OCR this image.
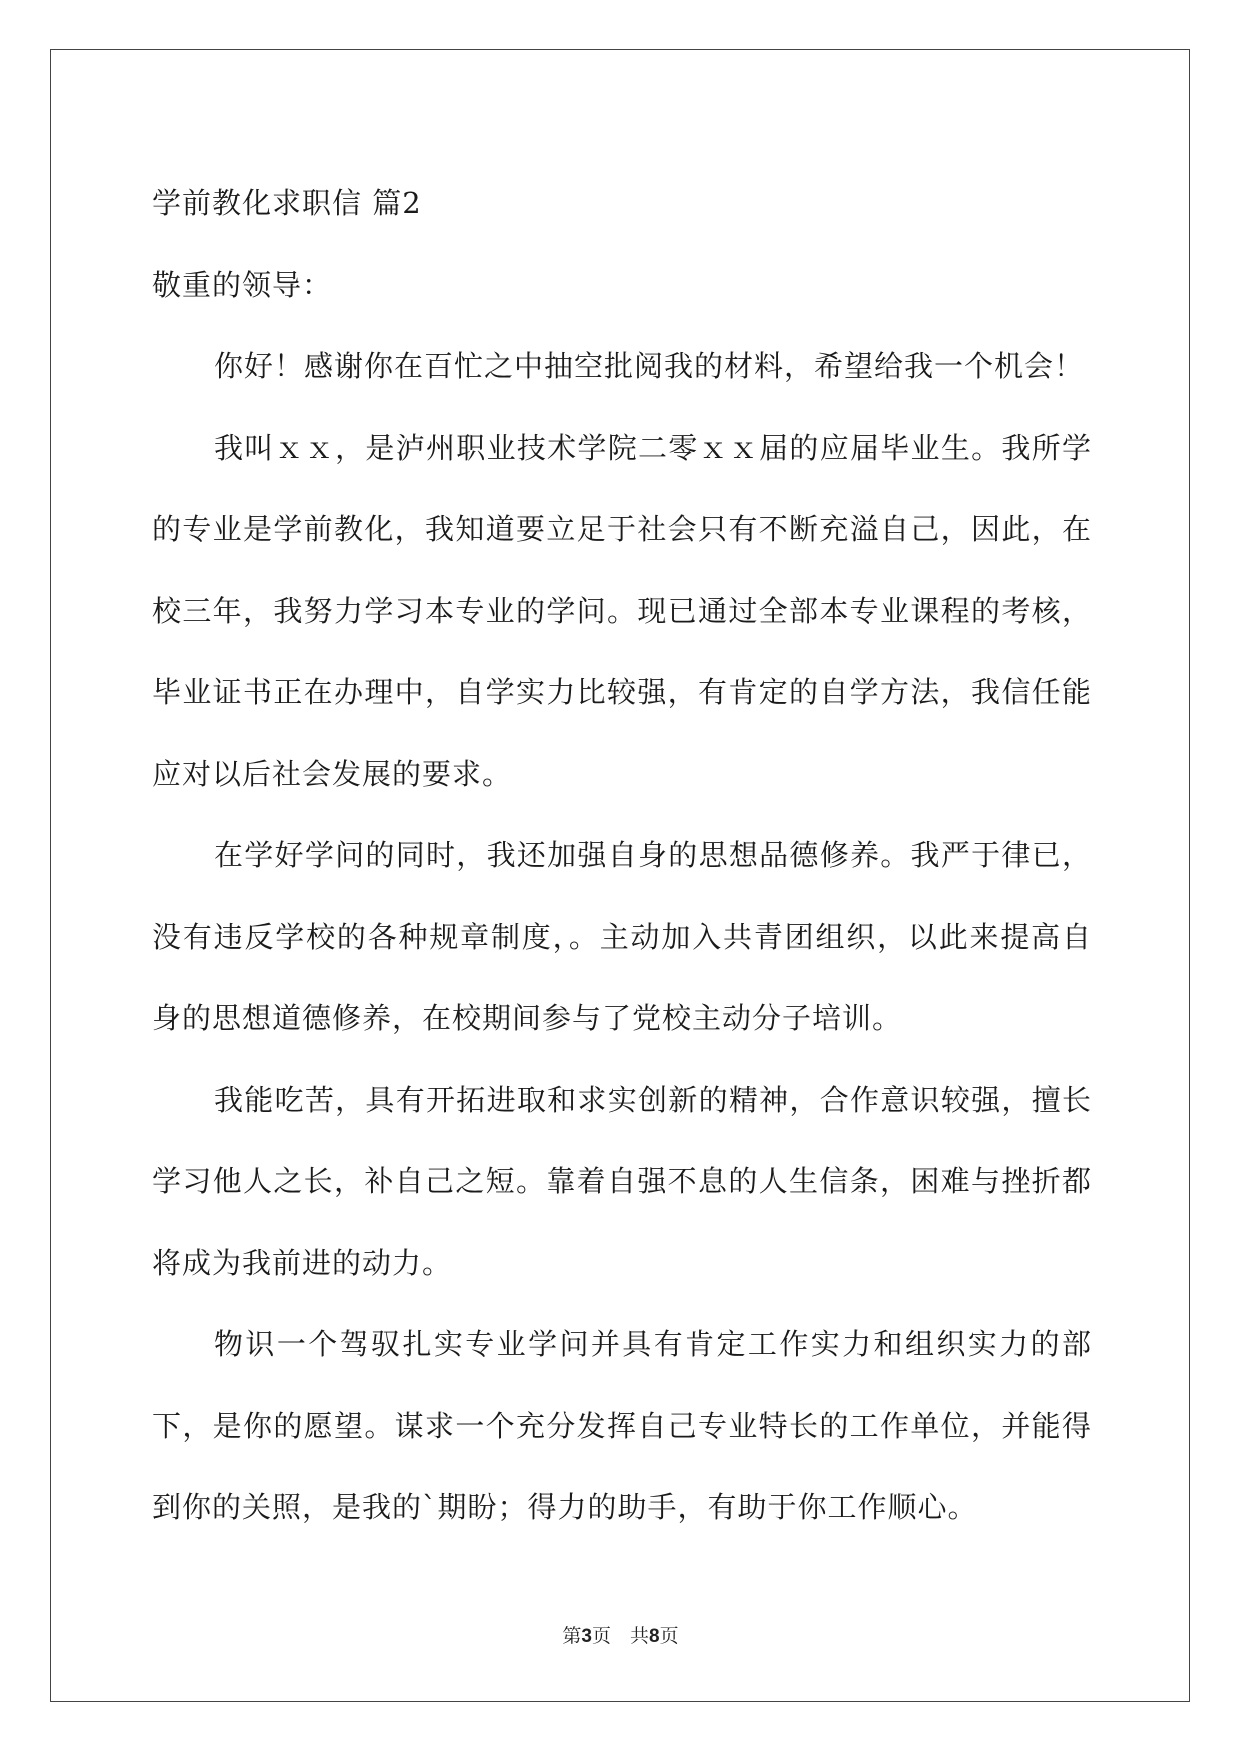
学前教化求职信 篇2

敬重的领导：

你好！感谢你在百忙之中抽空批阅我的材料，希望给我一个机会！

我叫ｘｘ，是泸州职业技术学院二零ｘｘ届的应届毕业生。我所学的专业是学前教化，我知道要立足于社会只有不断充溢自己，因此，在校三年，我努力学习本专业的学问。现已通过全部本专业课程的考核，毕业证书正在办理中，自学实力比较强，有肯定的自学方法，我信任能应对以后社会发展的要求。

在学好学问的同时，我还加强自身的思想品德修养。我严于律已，没有违反学校的各种规章制度，。主动加入共青团组织，以此来提高自身的思想道德修养，在校期间参与了党校主动分子培训。

我能吃苦，具有开拓进取和求实创新的精神，合作意识较强，擅长学习他人之长，补自己之短。靠着自强不息的人生信条，困难与挫折都将成为我前进的动力。

物识一个驾驭扎实专业学问并具有肯定工作实力和组织实力的部下，是你的愿望。谋求一个充分发挥自己专业特长的工作单位，并能得到你的关照，是我的`期盼；得力的助手，有助于你工作顺心。

第3页　共8页
